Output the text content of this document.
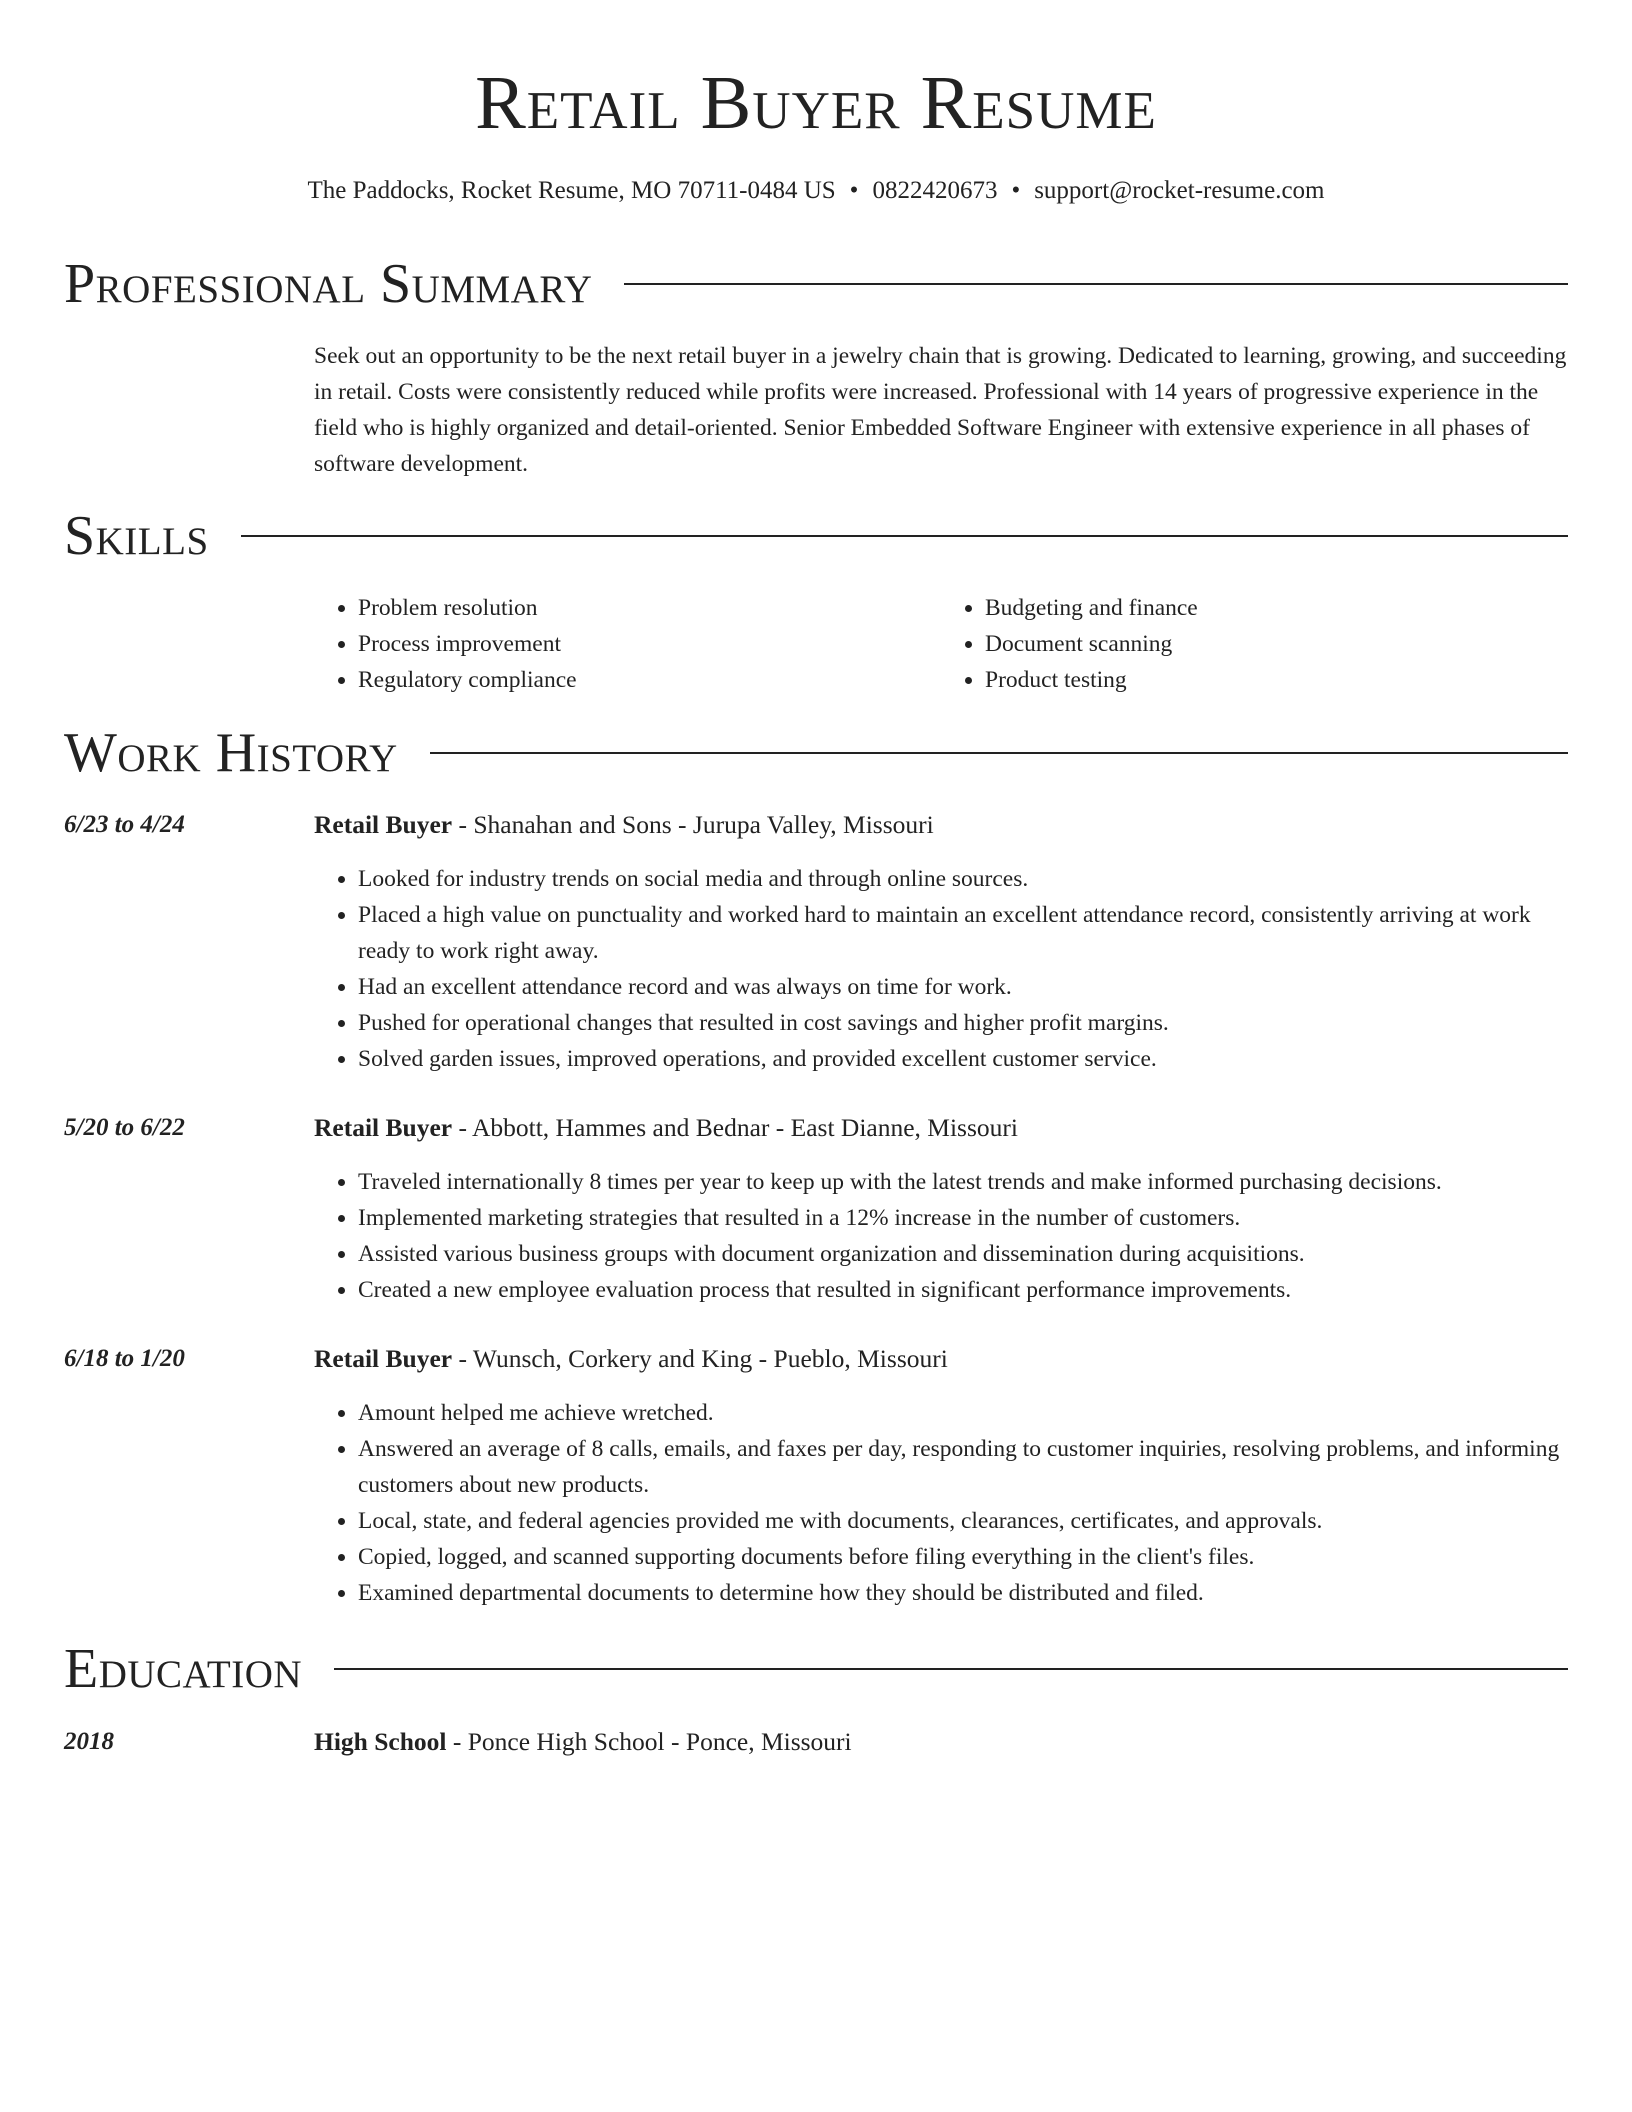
Retail Buyer Resume
The Paddocks, Rocket Resume, MO 70711-0484 US • 0822420673 • support@rocket-resume.com
Professional Summary

Seek out an opportunity to be the next retail buyer in a jewelry chain that is growing. Dedicated to learning, growing, and succeeding in retail. Costs were consistently reduced while profits were increased. Professional with 14 years of progressive experience in the field who is highly organized and detail-oriented. Senior Embedded Software Engineer with extensive experience in all phases of software development.

Skills
• Problem resolution
• Process improvement
• Regulatory compliance
• Budgeting and finance
• Document scanning
• Product testing
Work History
6/23 to 4/24	Retail Buyer - Shanahan and Sons - Jurupa Valley, Missouri
• Looked for industry trends on social media and through online sources.
• Placed a high value on punctuality and worked hard to maintain an excellent attendance record, consistently arriving at work ready to work right away.
• Had an excellent attendance record and was always on time for work.
• Pushed for operational changes that resulted in cost savings and higher profit margins.
• Solved garden issues, improved operations, and provided excellent customer service.
5/20 to 6/22	Retail Buyer - Abbott, Hammes and Bednar - East Dianne, Missouri
• Traveled internationally 8 times per year to keep up with the latest trends and make informed purchasing decisions.
• Implemented marketing strategies that resulted in a 12% increase in the number of customers.
• Assisted various business groups with document organization and dissemination during acquisitions.
• Created a new employee evaluation process that resulted in significant performance improvements.
6/18 to 1/20	Retail Buyer - Wunsch, Corkery and King - Pueblo, Missouri
• Amount helped me achieve wretched.
• Answered an average of 8 calls, emails, and faxes per day, responding to customer inquiries, resolving problems, and informing customers about new products.
• Local, state, and federal agencies provided me with documents, clearances, certificates, and approvals.
• Copied, logged, and scanned supporting documents before filing everything in the client's files.
• Examined departmental documents to determine how they should be distributed and filed.
Education
2018	High School - Ponce High School - Ponce, Missouri
